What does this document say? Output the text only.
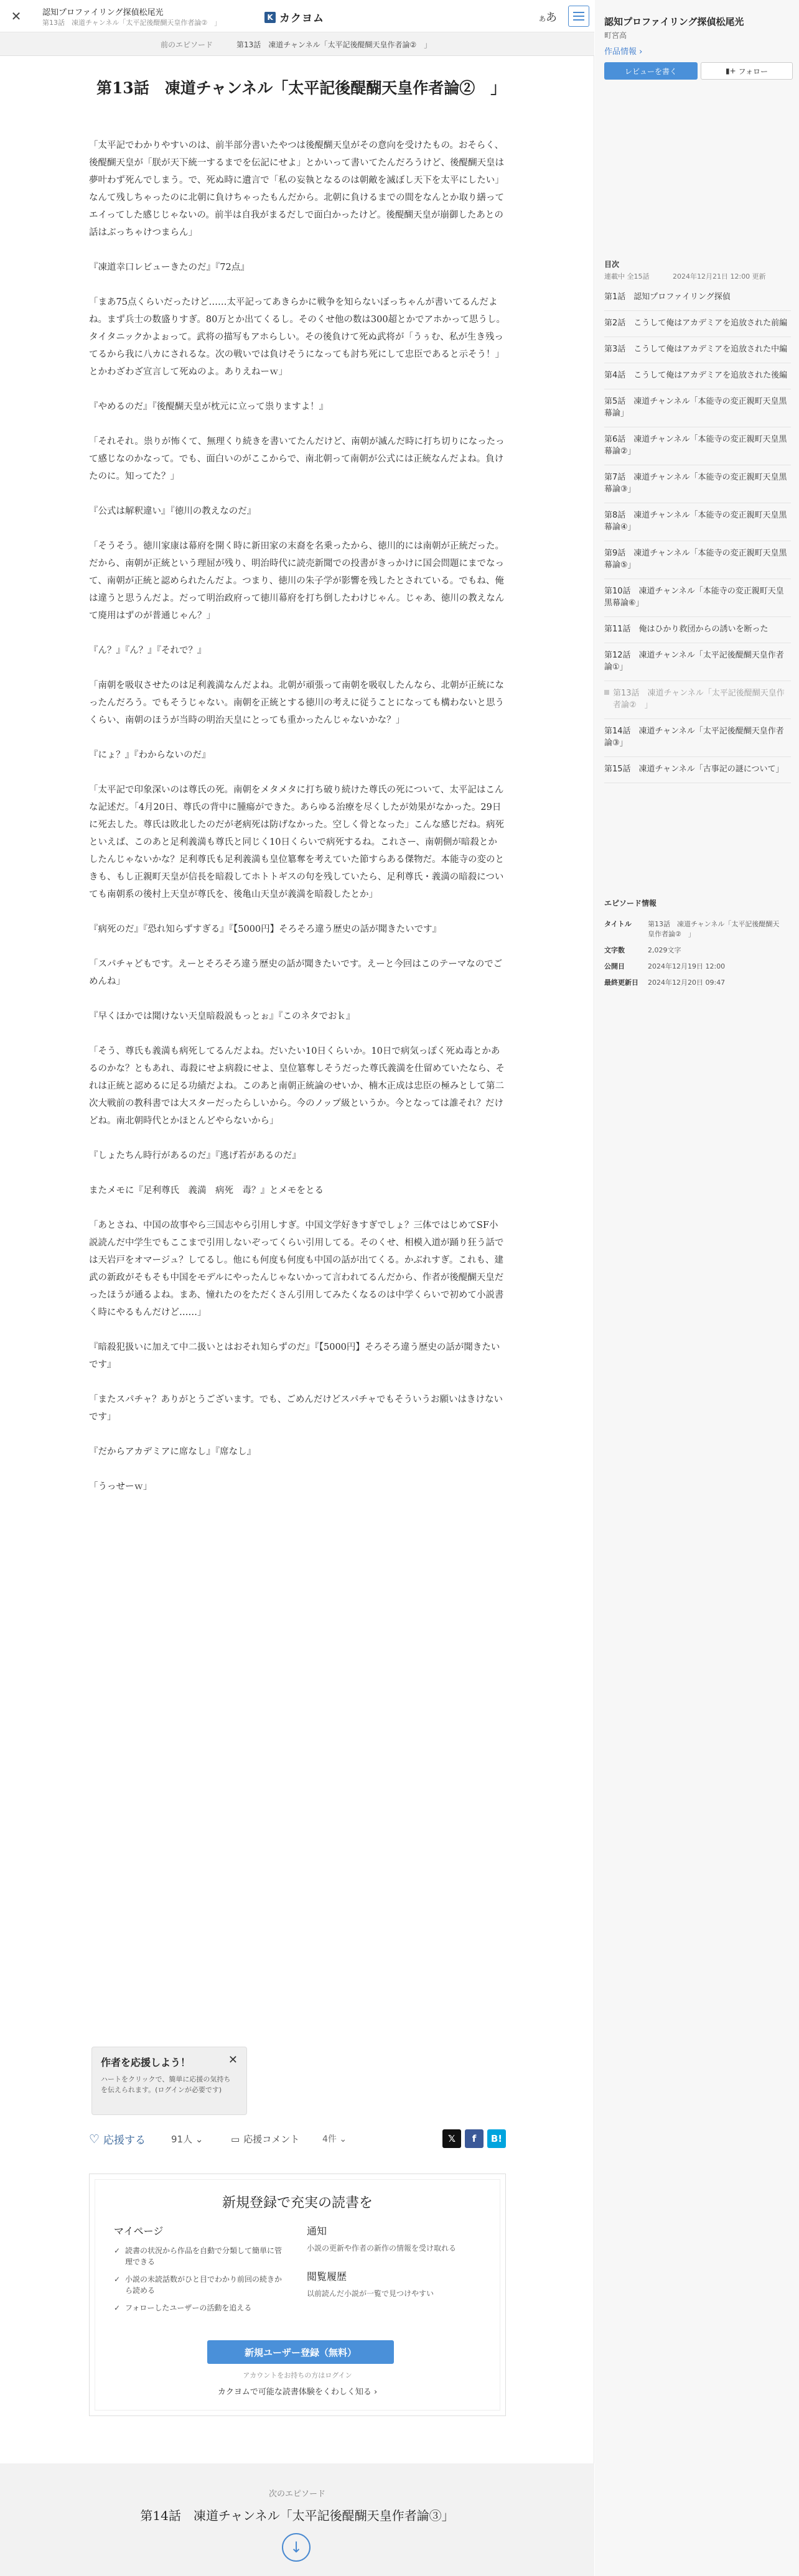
✕	認知プロファイリング探偵松尾光
第13話　凍道チャンネル「太平記後醍醐天皇作者論②　」
K カクヨム	ああ
前のエピソード	第13話　凍道チャンネル「太平記後醍醐天皇作者論②　」
第13話　凍道チャンネル「太平記後醍醐天皇作者論②　」

「太平記でわかりやすいのは、前半部分書いたやつは後醍醐天皇がその意向を受けたもの。おそらく、後醍醐天皇が「朕が天下統一するまでを伝記にせよ」とかいって書いてたんだろうけど、後醍醐天皇は夢叶わず死んでしまう。で、死ぬ時に遺言で「私の妄執となるのは朝敵を滅ぼし天下を太平にしたい」なんて残しちゃったのに北朝に負けちゃったもんだから。北朝に負けるまでの間をなんとか取り繕ってエイってした感じじゃないの。前半は自我がまるだしで面白かったけど。後醍醐天皇が崩御したあとの話はぶっちゃけつまらん」

『凍道幸口レビューきたのだ』『72点』

「まあ75点くらいだったけど……太平記ってあきらかに戦争を知らないぼっちゃんが書いてるんだよね。まず兵士の数盛りすぎ。80万とか出てくるし。そのくせ他の数は300超とかでアホかって思うし。タイタニックかよぉって。武将の描写もアホらしい。その後負けて死ぬ武将が「うぅむ、私が生き残ってるから我に八カにされるな。次の戦いでは負けそうになっても討ち死にして忠臣であると示そう！」とかわざわざ宣言して死ぬのよ。ありえねーｗ」

『やめるのだ』『後醍醐天皇が枕元に立って祟りますよ！』

「それそれ。祟りが怖くて、無理くり続きを書いてたんだけど、南朝が滅んだ時に打ち切りになったって感じなのかなって。でも、面白いのがここからで、南北朝って南朝が公式には正統なんだよね。負けたのに。知ってた？」

『公式は解釈違い』『徳川の教えなのだ』

「そうそう。徳川家康は幕府を開く時に新田家の末裔を名乗ったから、徳川的には南朝が正統だった。だから、南朝が正統という理屈が残り、明治時代に読売新聞での投書がきっかけに国会問題にまでなって、南朝が正統と認められたんだよ。つまり、徳川の朱子学が影響を残したとされている。でもね、俺は違うと思うんだよ。だって明治政府って徳川幕府を打ち倒したわけじゃん。じゃあ、徳川の教えなんて廃用はずのが普通じゃん？」

『ん？』『ん？』『それで？』

「南朝を吸収させたのは足利義満なんだよね。北朝が頑張って南朝を吸収したんなら、北朝が正統になったんだろう。でもそうじゃない。南朝を正統とする徳川の考えに従うことになっても構わないと思うくらい、南朝のほうが当時の明治天皇にとっても重かったんじゃないかな？」

『にょ？』『わからないのだ』

「太平記で印象深いのは尊氏の死。南朝をメタメタに打ち破り続けた尊氏の死について、太平記はこんな記述だ。「4月20日、尊氏の背中に腫瘍ができた。あらゆる治療を尽くしたが効果がなかった。29日に死去した。尊氏は敗北したのだが老病死は防げなかった。空しく骨となった」こんな感じだね。病死といえば、このあと足利義満も尊氏と同じく10日くらいで病死するね。これさー、南朝側が暗殺とかしたんじゃないかな？足利尊氏も足利義満も皇位簒奪を考えていた節すらある傑物だ。本能寺の変のときも、もし正親町天皇が信長を暗殺してホトトギスの句を残していたら、足利尊氏・義満の暗殺についても南朝系の後村上天皇が尊氏を、後亀山天皇が義満を暗殺したとか」

『病死のだ』『恐れ知らずすぎる』『【5000円】そろそろ違う歴史の話が聞きたいです』

「スパチャどもです。えーとそろそろ違う歴史の話が聞きたいです。えーと今回はこのテーマなのでごめんね」

『早くほかでは聞けない天皇暗殺説もっとぉ』『このネタでおｋ』

「そう、尊氏も義満も病死してるんだよね。だいたい10日くらいか。10日で病気っぽく死ぬ毒とかあるのかな？ともあれ、毒殺にせよ病殺にせよ、皇位簒奪しそうだった尊氏義満を仕留めていたなら、それは正統と認めるに足る功績だよね。このあと南朝正統論のせいか、楠木正成は忠臣の極みとして第二次大戦前の教科書では大スターだったらしいから。今のノップ級というか。今となっては誰それ？だけどね。南北朝時代とかほとんどやらないから」

『しょたちん時行があるのだ』『逃げ若があるのだ』

またメモに『足利尊氏　義満　病死　毒？』とメモをとる

「あとさね、中国の故事やら三国志やら引用しすぎ。中国文学好きすぎでしょ？三体ではじめてSF小説読んだ中学生でもここまで引用しないぞってくらい引用してる。そのくせ、相模入道が踊り狂う話では天岩戸をオマージュ？してるし。他にも何度も何度も中国の話が出てくる。かぶれすぎ。これも、建武の新政がそもそも中国をモデルにやったんじゃないかって言われてるんだから、作者が後醍醐天皇だったほうが通るよね。まあ、憧れたのをただくさん引用してみたくなるのは中学くらいで初めて小説書く時にやるもんだけど……」

『暗殺犯扱いに加えて中二扱いとはおそれ知らずのだ』『【5000円】そろそろ違う歴史の話が聞きたいです』

「またスパチャ？ありがとうございます。でも、ごめんだけどスパチャでもそういうお願いはきけないです」

『だからアカデミアに席なし』『席なし』

「うっせーｗ」

作者を応援しよう！
ハートをクリックで、簡単に応援の気持ちを伝えられます。(ログインが必要です)
✕
♡ 応援する	91人 ⌄	▭ 応援コメント	4件 ⌄	𝕏	f	B!
新規登録で充実の読書を
マイページ
✓ 読書の状況から作品を自動で分類して簡単に管理できる
✓ 小説の未読話数がひと目でわかり前回の続きから読める
✓ フォローしたユーザーの活動を追える
通知
小説の更新や作者の新作の情報を受け取れる
閲覧履歴
以前読んだ小説が一覧で見つけやすい
新規ユーザー登録（無料）
アカウントをお持ちの方はログイン
カクヨムで可能な読書体験をくわしく知る ›
次のエピソード
第14話　凍道チャンネル「太平記後醍醐天皇作者論③」
↓
認知プロファイリング探偵松尾光
町宮高
作品情報 ›
レビューを書く	▮+
フォロー
目次
連載中 全15話	2024年12月21日 12:00 更新
第1話　認知プロファイリング探偵
第2話　こうして俺はアカデミアを追放された前編
第3話　こうして俺はアカデミアを追放された中編
第4話　こうして俺はアカデミアを追放された後編
第5話　凍道チャンネル「本能寺の変正親町天皇黒幕論」
第6話　凍道チャンネル「本能寺の変正親町天皇黒幕論②」
第7話　凍道チャンネル「本能寺の変正親町天皇黒幕論③」
第8話　凍道チャンネル「本能寺の変正親町天皇黒幕論④」
第9話　凍道チャンネル「本能寺の変正親町天皇黒幕論⑤」
第10話　凍道チャンネル「本能寺の変正親町天皇黒幕論⑥」
第11話　俺はひかり救団からの誘いを断った
第12話　凍道チャンネル「太平記後醍醐天皇作者論①」
第13話　凍道チャンネル「太平記後醍醐天皇作者論②　」
第14話　凍道チャンネル「太平記後醍醐天皇作者論③」
第15話　凍道チャンネル「古事記の謎について」
エピソード情報
タイトル	第13話　凍道チャンネル「太平記後醍醐天皇作者論②　」
文字数	2,029文字
公開日	2024年12月19日 12:00
最終更新日	2024年12月20日 09:47
